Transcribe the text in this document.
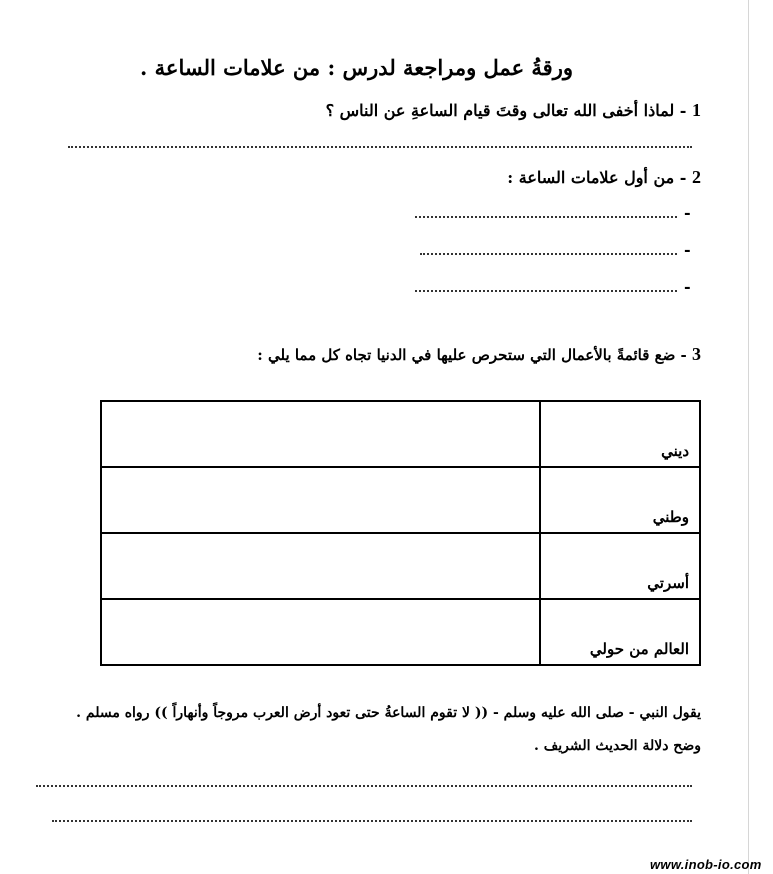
ورقةُ عمل ومراجعة لدرس : من علامات الساعة .
1 - لماذا أخفى الله تعالى وقتَ قيام الساعةِ عن الناس ؟
2 - من أول علامات الساعة :
-
-
-
3 - ضع قائمةً بالأعمال التي ستحرص عليها في الدنيا تجاه كل مما يلي :
ديني	
وطني	
أسرتي	
العالم من حولي	
يقول النبي - صلى الله عليه وسلم - (( لا تقوم الساعةُ حتى تعود أرض العرب مروجاً وأنهاراً )) رواه مسلم .
وضح دلالة الحديث الشريف .
www.inob-io.com
